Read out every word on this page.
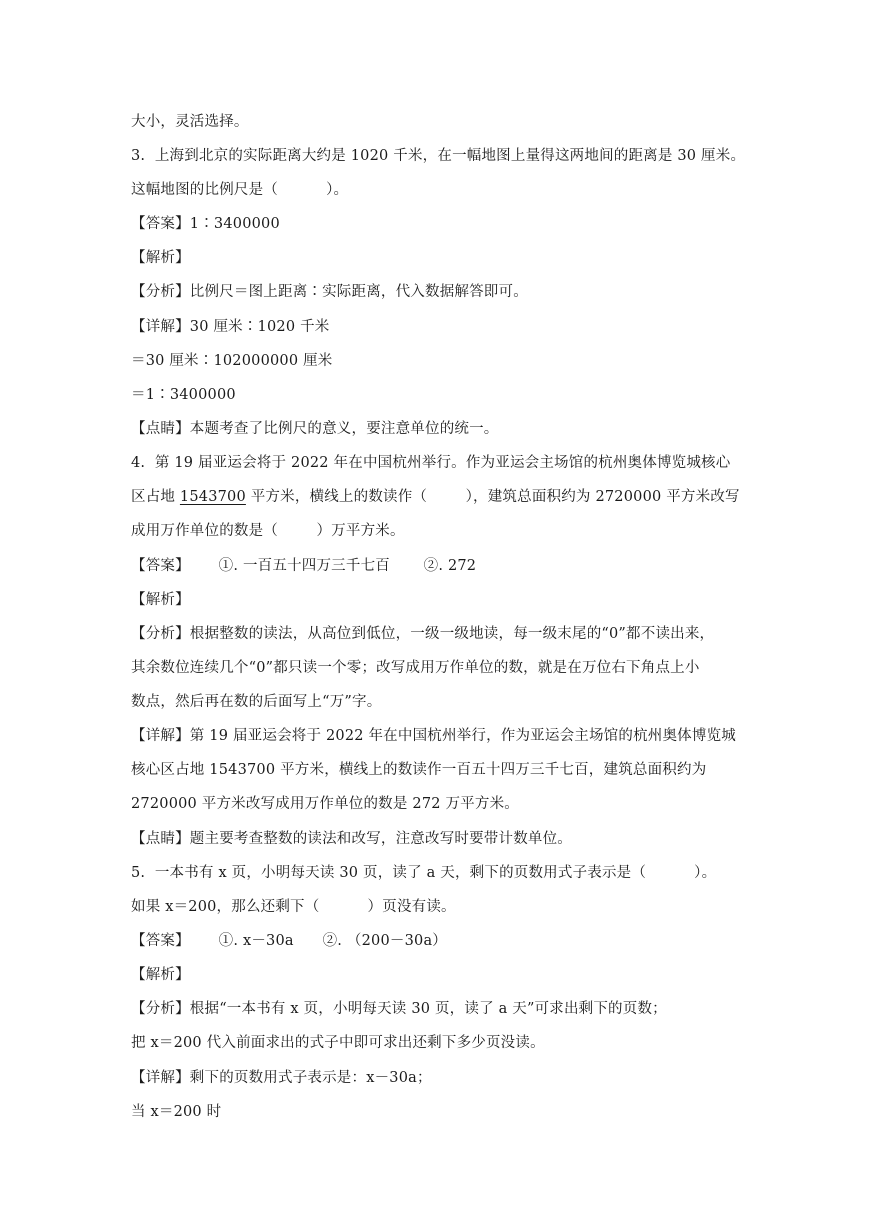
大小，灵活选择。
3.  上海到北京的实际距离大约是 1020 千米，在一幅地图上量得这两地间的距离是 30 厘米。
这幅地图的比例尺是（          ）。
【答案】1∶3400000
【解析】
【分析】比例尺＝图上距离∶实际距离，代入数据解答即可。
【详解】30 厘米∶1020 千米
＝30 厘米∶102000000 厘米
＝1∶3400000
【点睛】本题考查了比例尺的意义，要注意单位的统一。
4.  第 19 届亚运会将于 2022 年在中国杭州举行。作为亚运会主场馆的杭州奥体博览城核心
区占地 1543700 平方米，横线上的数读作（        ），建筑总面积约为 2720000 平方米改写
成用万作单位的数是（        ）万平方米。
【答案】      ①. 一百五十四万三千七百       ②. 272
【解析】
【分析】根据整数的读法，从高位到低位，一级一级地读，每一级末尾的“0”都不读出来，
其余数位连续几个“0”都只读一个零；改写成用万作单位的数，就是在万位右下角点上小
数点，然后再在数的后面写上“万”字。
【详解】第 19 届亚运会将于 2022 年在中国杭州举行，作为亚运会主场馆的杭州奥体博览城
核心区占地 1543700 平方米，横线上的数读作一百五十四万三千七百，建筑总面积约为
2720000 平方米改写成用万作单位的数是 272 万平方米。
【点睛】题主要考查整数的读法和改写，注意改写时要带计数单位。
5.  一本书有 x 页，小明每天读 30 页，读了 a 天，剩下的页数用式子表示是（          ）。
如果 x＝200，那么还剩下（          ）页没有读。
【答案】      ①. x－30a      ②. （200－30a）
【解析】
【分析】根据“一本书有 x 页，小明每天读 30 页，读了 a 天”可求出剩下的页数；
把 x＝200 代入前面求出的式子中即可求出还剩下多少页没读。
【详解】剩下的页数用式子表示是：x－30a；
当 x＝200 时
